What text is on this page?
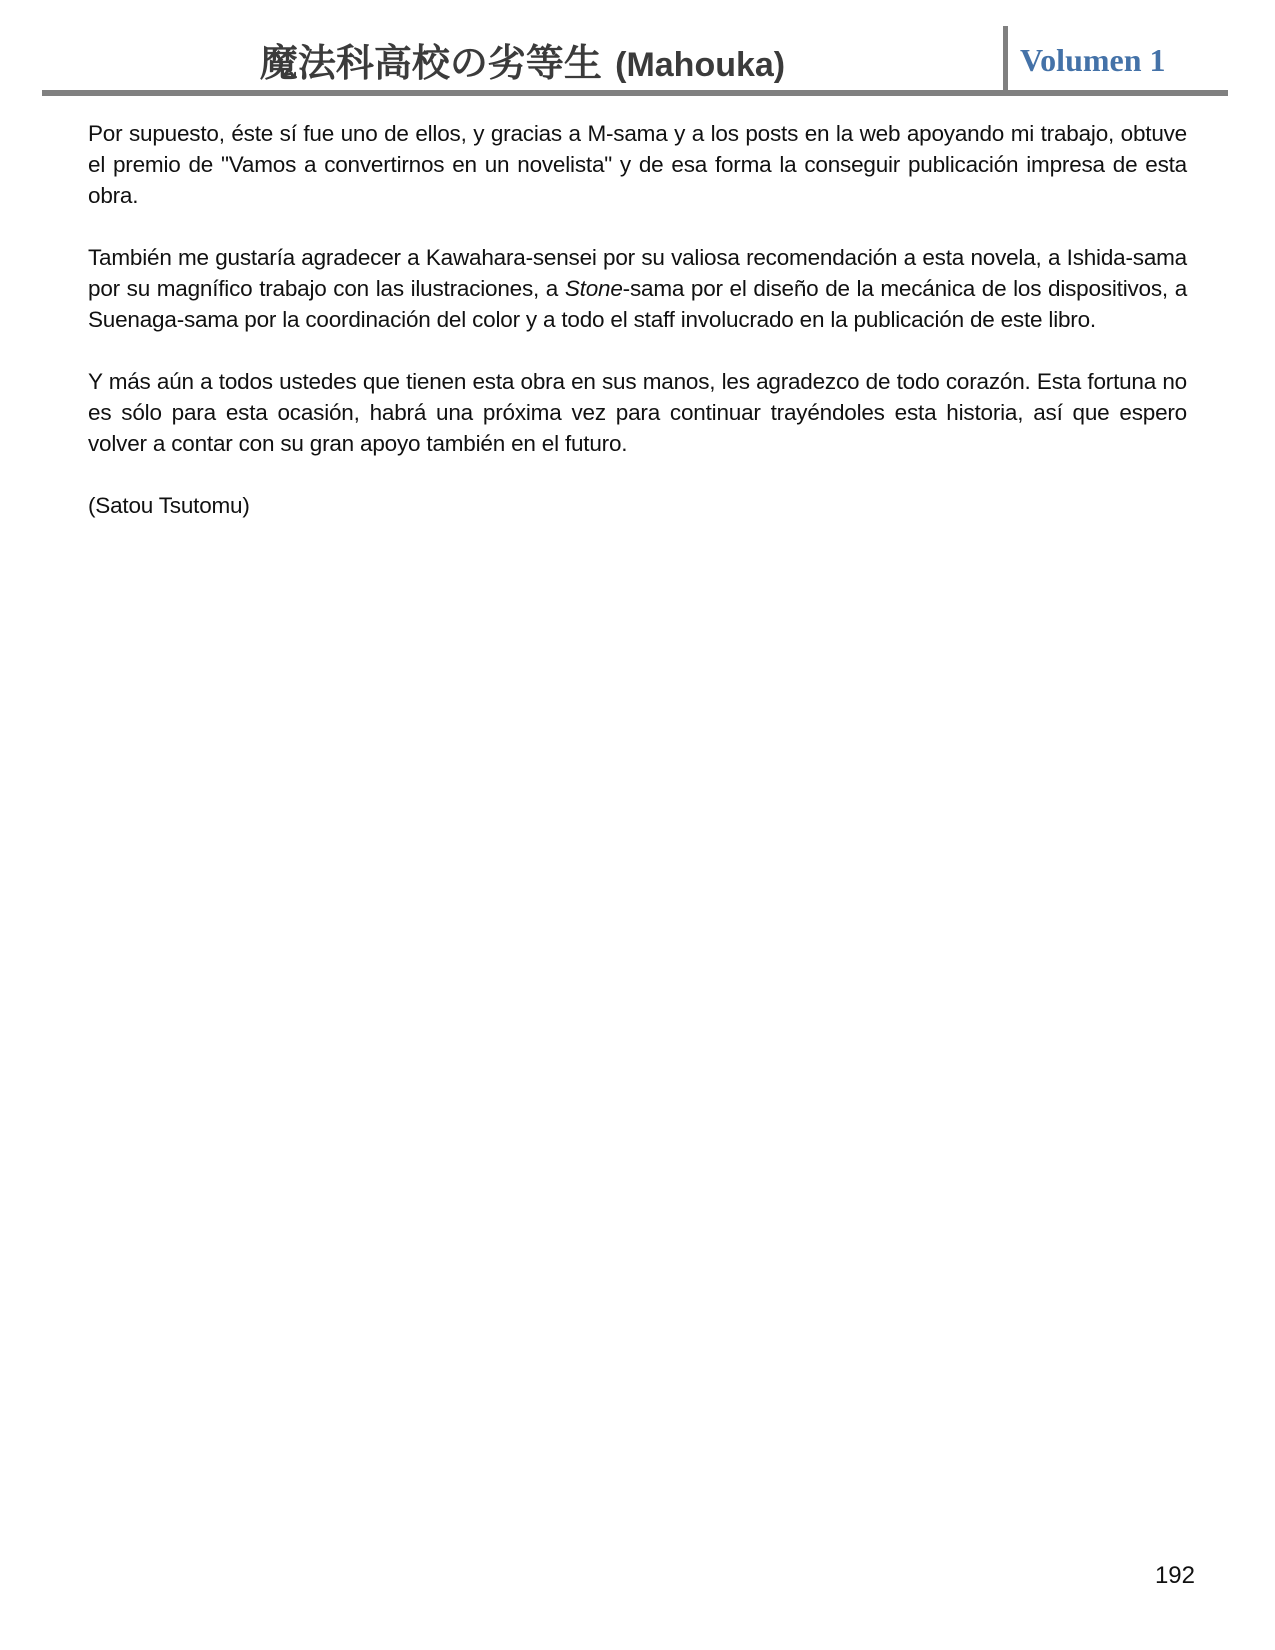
魔法科高校の劣等生 (Mahouka)	Volumen 1

Por supuesto, éste sí fue uno de ellos, y gracias a M-sama y a los posts en la web apoyando mi trabajo, obtuve el premio de "Vamos a convertirnos en un novelista" y de esa forma la conseguir publicación impresa de esta obra.

También me gustaría agradecer a Kawahara-sensei por su valiosa recomendación a esta novela, a Ishida-sama por su magnífico trabajo con las ilustraciones, a Stone-sama por el diseño de la mecánica de los dispositivos, a Suenaga-sama por la coordinación del color y a todo el staff involucrado en la publicación de este libro.

Y más aún a todos ustedes que tienen esta obra en sus manos, les agradezco de todo corazón. Esta fortuna no es sólo para esta ocasión, habrá una próxima vez para continuar trayéndoles esta historia, así que espero volver a contar con su gran apoyo también en el futuro.

(Satou Tsutomu)

192
